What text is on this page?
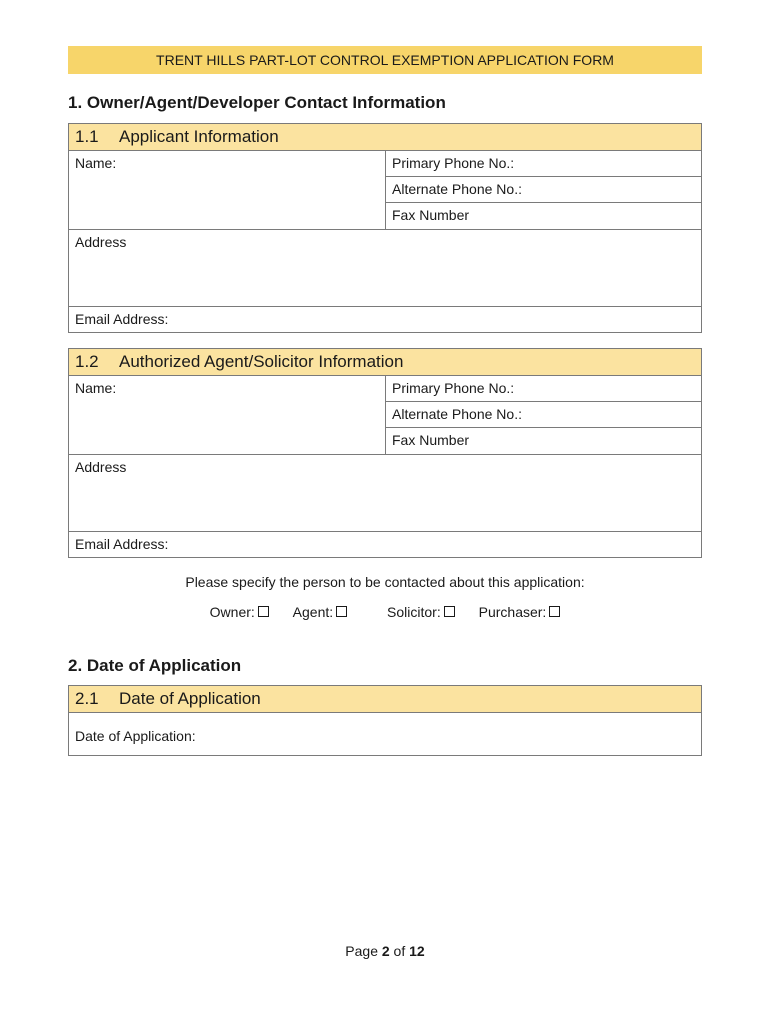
TRENT HILLS PART-LOT CONTROL EXEMPTION APPLICATION FORM
1. Owner/Agent/Developer Contact Information
1.1 Applicant Information
Name:	Primary Phone No.:
Alternate Phone No.:
Fax Number
Address
Email Address:
1.2 Authorized Agent/Solicitor Information
Name:	Primary Phone No.:
Alternate Phone No.:
Fax Number
Address
Email Address:
Please specify the person to be contacted about this application:
Owner:	Agent:	Solicitor:	Purchaser:
2. Date of Application
2.1 Date of Application
Date of Application:
Page 2 of 12
